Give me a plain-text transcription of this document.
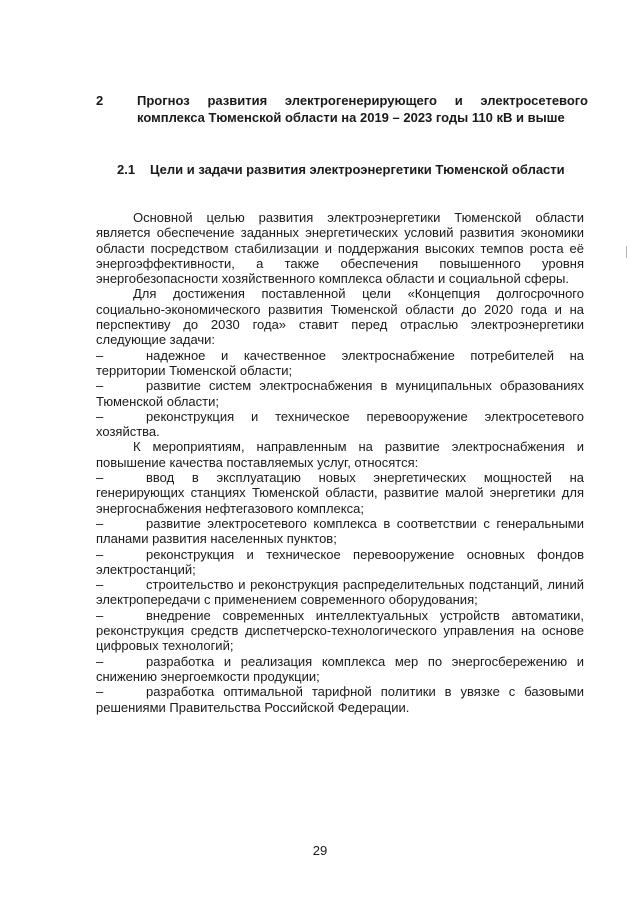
2	Прогноз развития электрогенерирующего и электросетевого комплекса Тюменской области на 2019 – 2023 годы 110 кВ и выше
2.1	Цели и задачи развития электроэнергетики Тюменской области

Основной целью развития электроэнергетики Тюменской области является обеспечение заданных энергетических условий развития экономики области посредством стабилизации и поддержания высоких темпов роста её энергоэффективности, а также обеспечения повышенного уровня энергобезопасности хозяйственного комплекса области и социальной сферы.

Для достижения поставленной цели «Концепция долгосрочного социально-экономического развития Тюменской области до 2020 года и на перспективу до 2030 года» ставит перед отраслью электроэнергетики следующие задачи:

–	надежное и качественное электроснабжение потребителей на территории Тюменской области;

–	развитие систем электроснабжения в муниципальных образованиях Тюменской области;

–	реконструкция и техническое перевооружение электросетевого хозяйства.

К мероприятиям, направленным на развитие электроснабжения и повышение качества поставляемых услуг, относятся:

–	ввод в эксплуатацию новых энергетических мощностей на генерирующих станциях Тюменской области, развитие малой энергетики для энергоснабжения нефтегазового комплекса;

–	развитие электросетевого комплекса в соответствии с генеральными планами развития населенных пунктов;

–	реконструкция и техническое перевооружение основных фондов электростанций;

–	строительство и реконструкция распределительных подстанций, линий электропередачи с применением современного оборудования;

–	внедрение современных интеллектуальных устройств автоматики, реконструкция средств диспетчерско-технологического управления на основе цифровых технологий;

–	разработка и реализация комплекса мер по энергосбережению и снижению энергоемкости продукции;

–	разработка оптимальной тарифной политики в увязке с базовыми решениями Правительства Российской Федерации.

29
